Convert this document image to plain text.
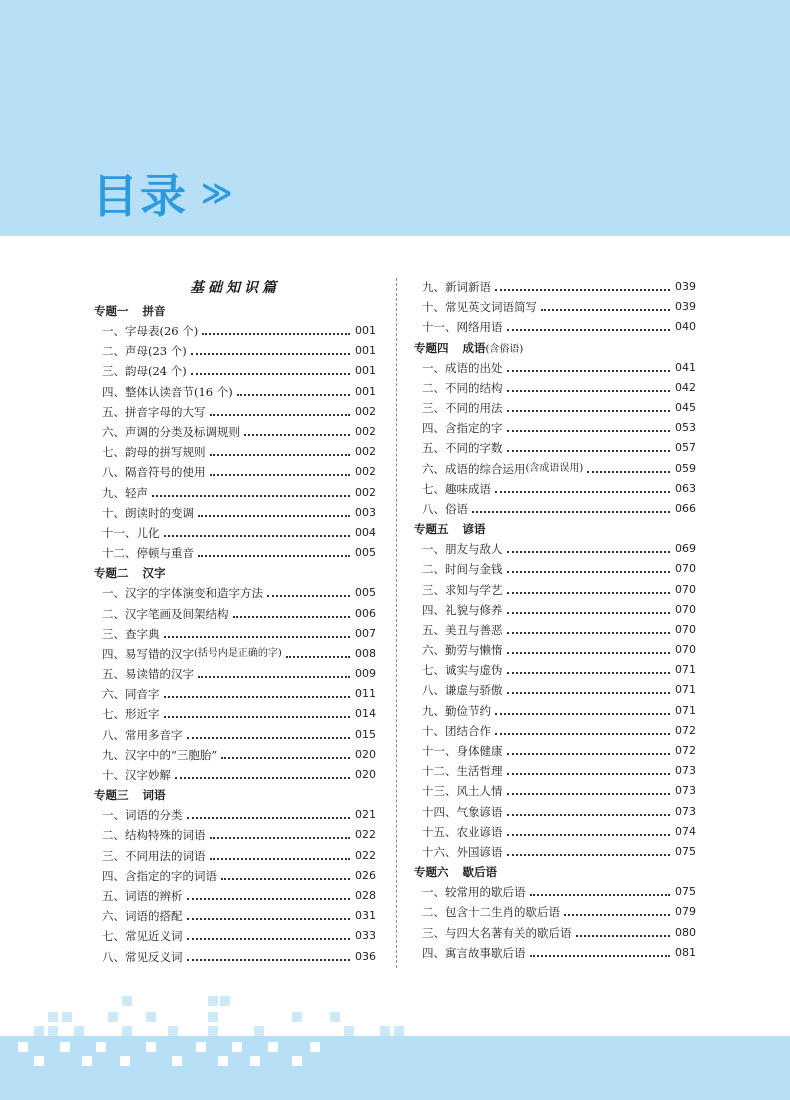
目录 ≫
基础知识篇
专题一 拼音
一、字母表(26 个)	001
二、声母(23 个)	001
三、韵母(24 个)	001
四、整体认读音节(16 个)	001
五、拼音字母的大写	002
六、声调的分类及标调规则	002
七、韵母的拼写规则	002
八、隔音符号的使用	002
九、轻声	002
十、朗读时的变调	003
十一、儿化	004
十二、停顿与重音	005
专题二 汉字
一、汉字的字体演变和造字方法	005
二、汉字笔画及间架结构	006
三、查字典	007
四、易写错的汉字 (括号内是正确的字)	008
五、易读错的汉字	009
六、同音字	011
七、形近字	014
八、常用多音字	015
九、汉字中的“三胞胎”	020
十、汉字妙解	020
专题三 词语
一、词语的分类	021
二、结构特殊的词语	022
三、不同用法的词语	022
四、含指定的字的词语	026
五、词语的辨析	028
六、词语的搭配	031
七、常见近义词	033
八、常见反义词	036
九、新词新语	039
十、常见英文词语简写	039
十一、网络用语	040
专题四 成语(含俗语)
一、成语的出处	041
二、不同的结构	042
三、不同的用法	045
四、含指定的字	053
五、不同的字数	057
六、成语的综合运用 (含成语误用)	059
七、趣味成语	063
八、俗语	066
专题五 谚语
一、朋友与敌人	069
二、时间与金钱	070
三、求知与学艺	070
四、礼貌与修养	070
五、美丑与善恶	070
六、勤劳与懒惰	070
七、诚实与虚伪	071
八、谦虚与骄傲	071
九、勤俭节约	071
十、团结合作	072
十一、身体健康	072
十二、生活哲理	073
十三、风土人情	073
十四、气象谚语	073
十五、农业谚语	074
十六、外国谚语	075
专题六 歇后语
一、较常用的歇后语	075
二、包含十二生肖的歇后语	079
三、与四大名著有关的歇后语	080
四、寓言故事歇后语	081
